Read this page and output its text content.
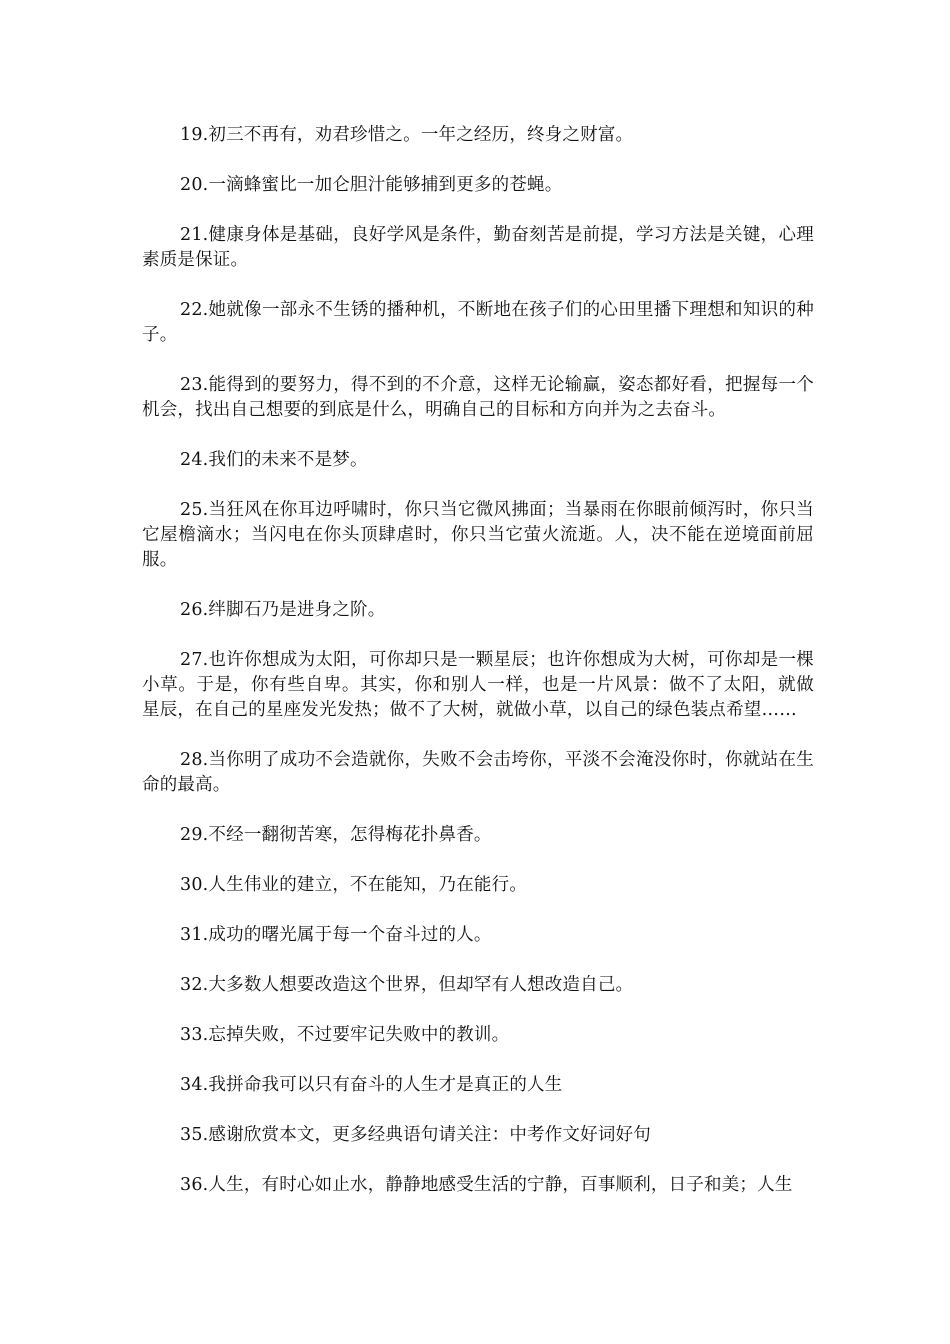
19.初三不再有，劝君珍惜之。一年之经历，终身之财富。

20.一滴蜂蜜比一加仑胆汁能够捕到更多的苍蝇。

21.健康身体是基础，良好学风是条件，勤奋刻苦是前提，学习方法是关键，心理素质是保证。

22.她就像一部永不生锈的播种机，不断地在孩子们的心田里播下理想和知识的种子。

23.能得到的要努力，得不到的不介意，这样无论输赢，姿态都好看，把握每一个机会，找出自己想要的到底是什么，明确自己的目标和方向并为之去奋斗。

24.我们的未来不是梦。

25.当狂风在你耳边呼啸时，你只当它微风拂面；当暴雨在你眼前倾泻时，你只当它屋檐滴水；当闪电在你头顶肆虐时，你只当它萤火流逝。人，决不能在逆境面前屈服。

26.绊脚石乃是进身之阶。

27.也许你想成为太阳，可你却只是一颗星辰；也许你想成为大树，可你却是一棵小草。于是，你有些自卑。其实，你和别人一样，也是一片风景：做不了太阳，就做星辰，在自己的星座发光发热；做不了大树，就做小草，以自己的绿色装点希望……

28.当你明了成功不会造就你，失败不会击垮你，平淡不会淹没你时，你就站在生命的最高。

29.不经一翻彻苦寒，怎得梅花扑鼻香。

30.人生伟业的建立，不在能知，乃在能行。

31.成功的曙光属于每一个奋斗过的人。

32.大多数人想要改造这个世界，但却罕有人想改造自己。

33.忘掉失败，不过要牢记失败中的教训。

34.我拼命我可以只有奋斗的人生才是真正的人生

35.感谢欣赏本文，更多经典语句请关注：中考作文好词好句

36.人生，有时心如止水，静静地感受生活的宁静，百事顺利，日子和美；人生
